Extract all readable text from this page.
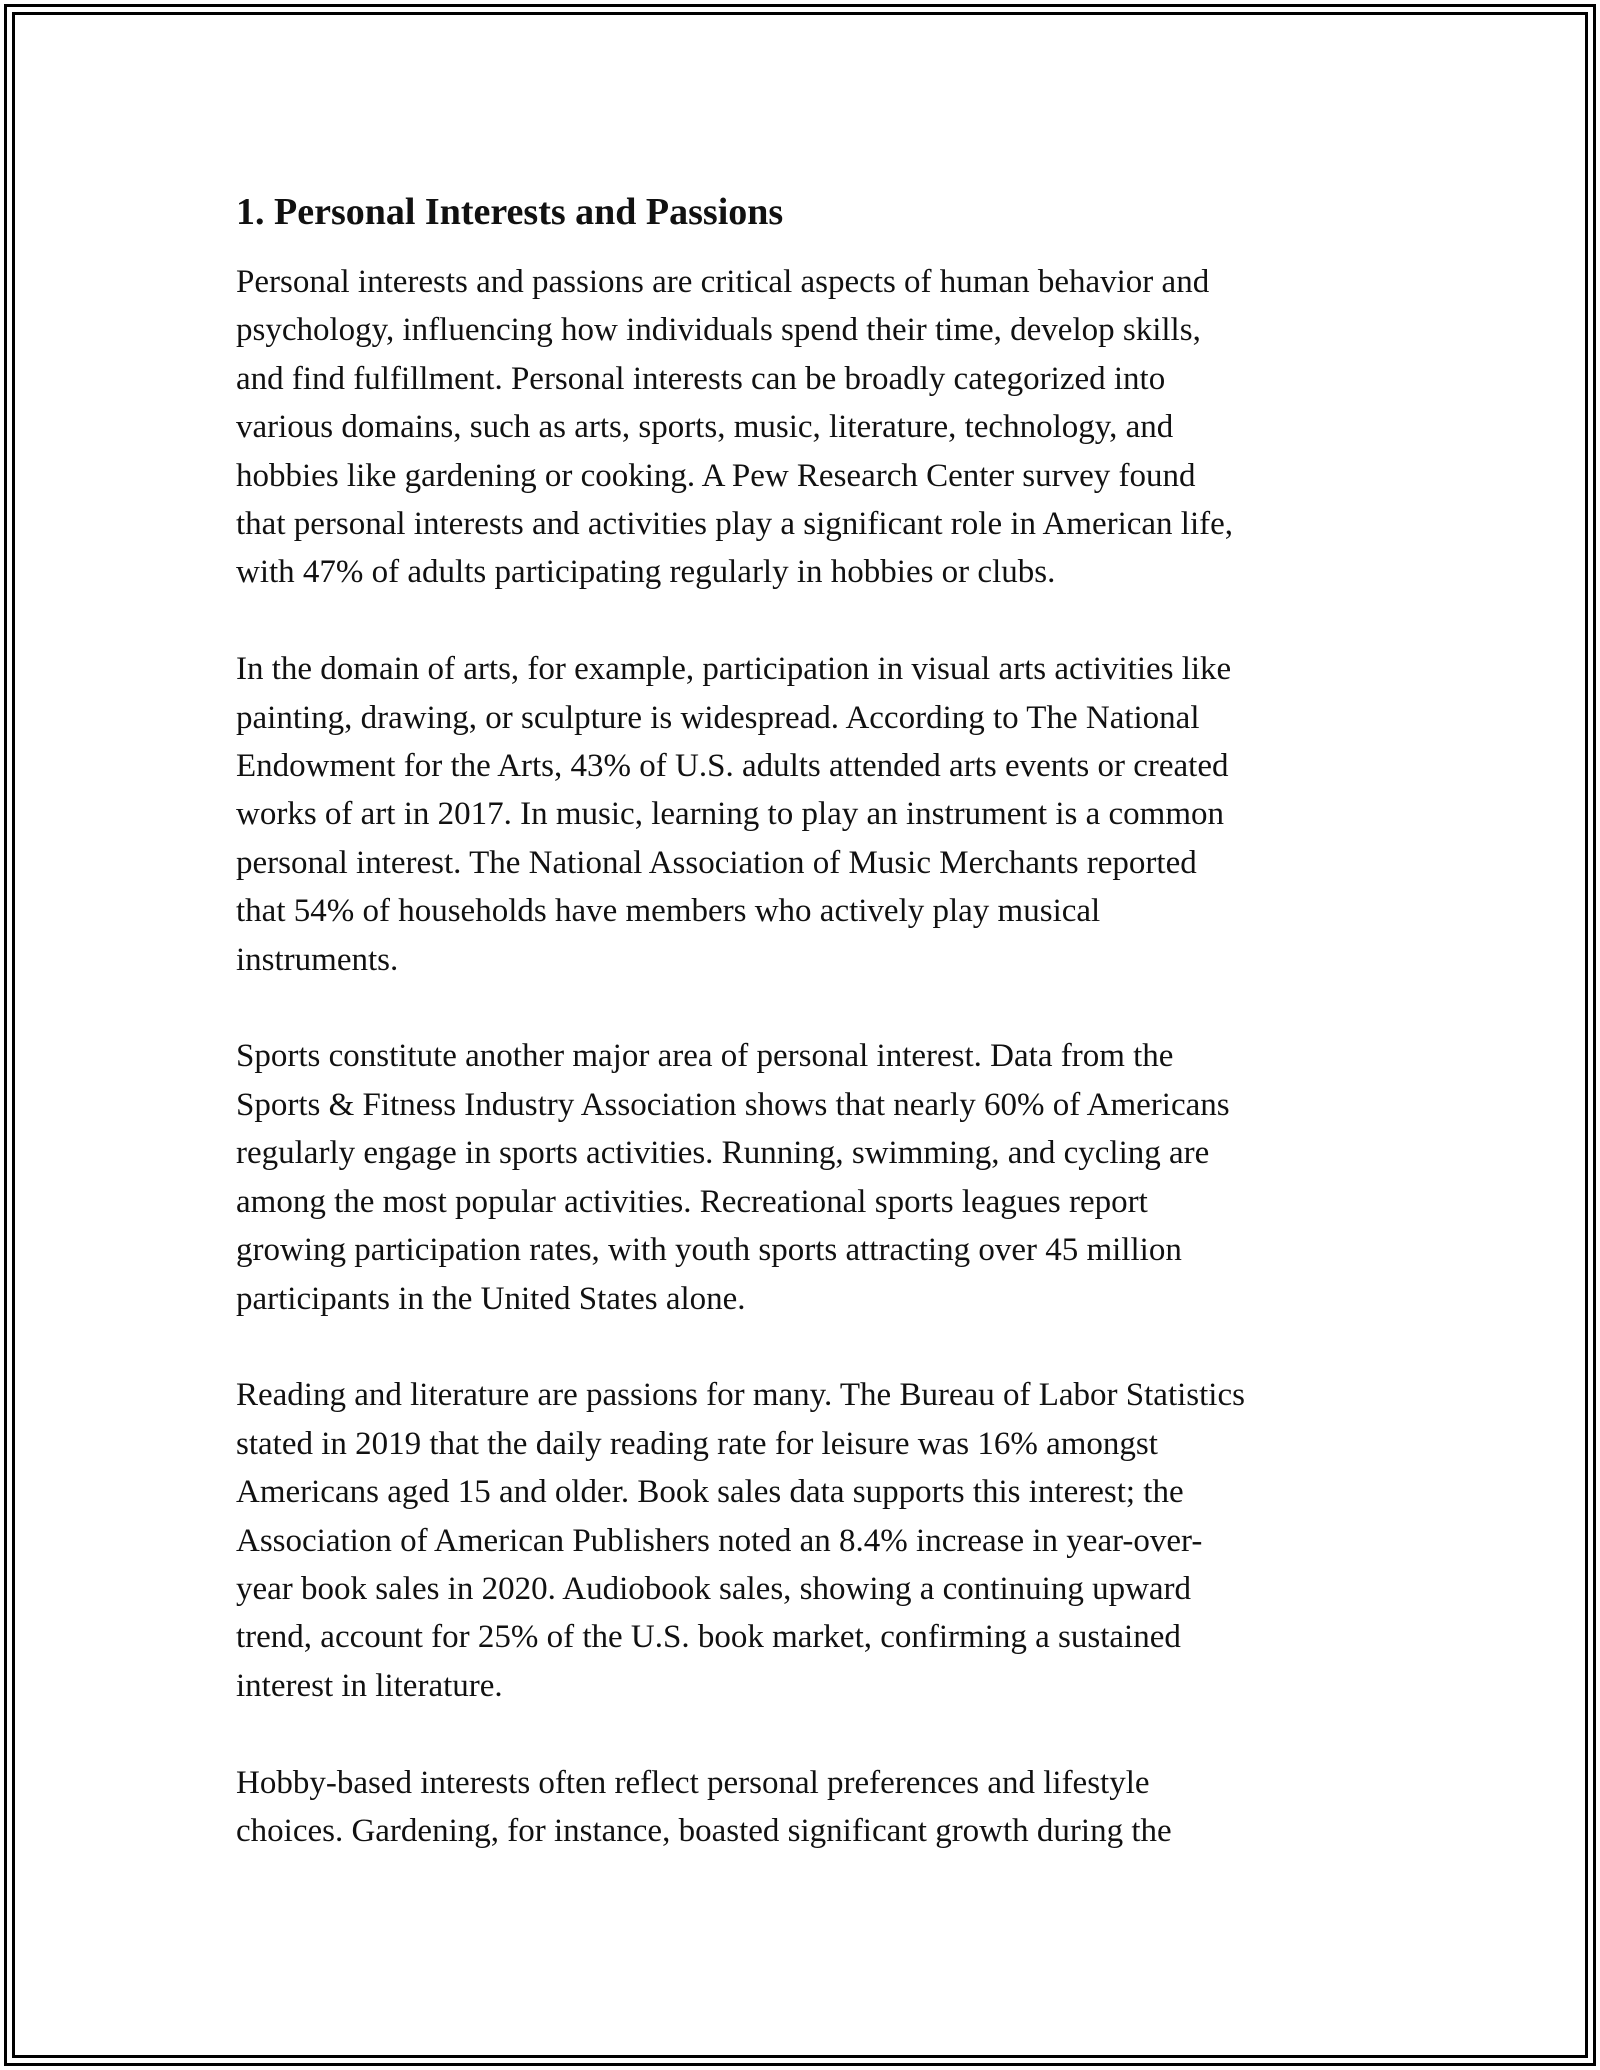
1. Personal Interests and Passions

Personal interests and passions are critical aspects of human behavior and
psychology, influencing how individuals spend their time, develop skills,
and find fulfillment. Personal interests can be broadly categorized into
various domains, such as arts, sports, music, literature, technology, and
hobbies like gardening or cooking. A Pew Research Center survey found
that personal interests and activities play a significant role in American life,
with 47% of adults participating regularly in hobbies or clubs.

In the domain of arts, for example, participation in visual arts activities like
painting, drawing, or sculpture is widespread. According to The National
Endowment for the Arts, 43% of U.S. adults attended arts events or created
works of art in 2017. In music, learning to play an instrument is a common
personal interest. The National Association of Music Merchants reported
that 54% of households have members who actively play musical
instruments.

Sports constitute another major area of personal interest. Data from the
Sports & Fitness Industry Association shows that nearly 60% of Americans
regularly engage in sports activities. Running, swimming, and cycling are
among the most popular activities. Recreational sports leagues report
growing participation rates, with youth sports attracting over 45 million
participants in the United States alone.

Reading and literature are passions for many. The Bureau of Labor Statistics
stated in 2019 that the daily reading rate for leisure was 16% amongst
Americans aged 15 and older. Book sales data supports this interest; the
Association of American Publishers noted an 8.4% increase in year-over-
year book sales in 2020. Audiobook sales, showing a continuing upward
trend, account for 25% of the U.S. book market, confirming a sustained
interest in literature.

Hobby-based interests often reflect personal preferences and lifestyle
choices. Gardening, for instance, boasted significant growth during the
